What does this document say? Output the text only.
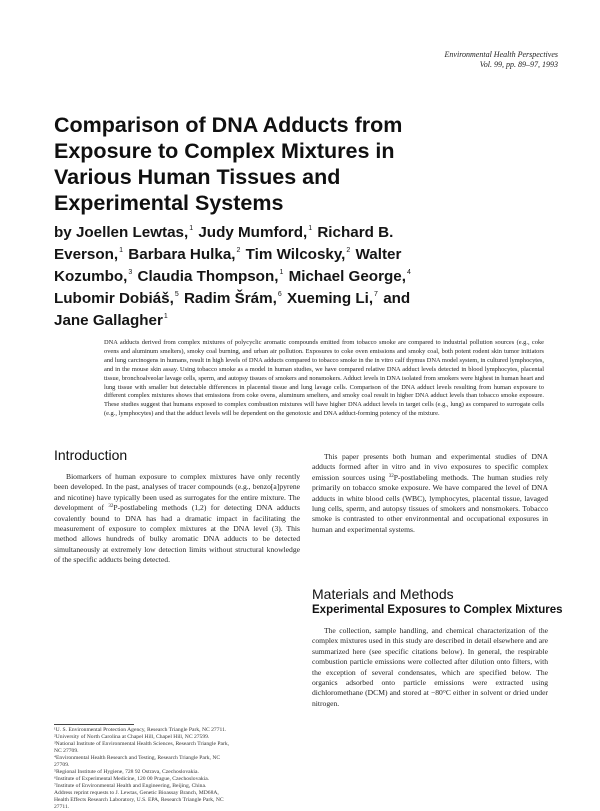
Environmental Health Perspectives
Vol. 99, pp. 89–97, 1993
Comparison of DNA Adducts from
Exposure to Complex Mixtures in
Various Human Tissues and
Experimental Systems
by Joellen Lewtas,$^1$ Judy Mumford,$^1$ Richard B.
Everson,$^1$ Barbara Hulka,$^2$ Tim Wilcosky,$^2$ Walter
Kozumbo,$^3$ Claudia Thompson,$^1$ Michael George,$^4$
Lubomir Dobiáš,$^5$ Radim Šrám,$^6$ Xueming Li,$^7$ and
Jane Gallagher$^1$
DNA adducts derived from complex mixtures of polycyclic aromatic compounds emitted from tobacco smoke are compared to industrial pollution sources (e.g., coke ovens and aluminum smelters), smoky coal burning, and urban air pollution. Exposures to coke oven emissions and smoky coal, both potent rodent skin tumor initiators and lung carcinogens in humans, result in high levels of DNA adducts compared to tobacco smoke in the in vitro calf thymus DNA model system, in cultured lymphocytes, and in the mouse skin assay. Using tobacco smoke as a model in human studies, we have compared relative DNA adduct levels detected in blood lymphocytes, placental tissue, bronchoalveolar lavage cells, sperm, and autopsy tissues of smokers and nonsmokers. Adduct levels in DNA isolated from smokers were highest in human heart and lung tissue with smaller but detectable differences in placental tissue and lung lavage cells. Comparison of the DNA adduct levels resulting from human exposure to different complex mixtures shows that emissions from coke ovens, aluminum smelters, and smoky coal result in higher DNA adduct levels than tobacco smoke exposure. These studies suggest that humans exposed to complex combustion mixtures will have higher DNA adduct levels in target cells (e.g., lung) as compared to surrogate cells (e.g., lymphocytes) and that the adduct levels will be dependent on the genotoxic and DNA adduct-forming potency of the mixture.
Introduction

Biomarkers of human exposure to complex mixtures have only recently been developed. In the past, analyses of tracer compounds (e.g., benzo[a]pyrene and nicotine) have typically been used as surrogates for the entire mixture. The development of $^{32}$P-postlabeling methods (1,2) for detecting DNA adducts covalently bound to DNA has had a dramatic impact in facilitating the measurement of exposure to complex mixtures at the DNA level (3). This method allows hundreds of bulky aromatic DNA adducts to be detected simultaneously at extremely low detection limits without structural knowledge of the specific adducts being detected.

This paper presents both human and experimental studies of DNA adducts formed after in vitro and in vivo exposures to specific complex emission sources using $^{32}$P-postlabeling methods. The human studies rely primarily on tobacco smoke exposure. We have compared the level of DNA adducts in white blood cells (WBC), lymphocytes, placental tissue, lavaged lung cells, sperm, and autopsy tissues of smokers and nonsmokers. Tobacco smoke is contrasted to other environmental and occupational exposures in human and experimental systems.

Materials and Methods
Experimental Exposures to Complex Mixtures

The collection, sample handling, and chemical characterization of the complex mixtures used in this study are described in detail elsewhere and are summarized here (see specific citations below). In general, the respirable combustion particle emissions were collected after dilution onto filters, with the exception of several condensates, which are specified below. The organics adsorbed onto particle emissions were extracted using dichloromethane (DCM) and stored at −80°C either in solvent or dried under nitrogen.

¹U. S. Environmental Protection Agency, Research Triangle Park, NC 27711.
²University of North Carolina at Chapel Hill, Chapel Hill, NC 27599.
³National Institute of Environmental Health Sciences, Research Triangle Park,
NC 27709.
⁴Environmental Health Research and Testing, Research Triangle Park, NC
27709.
⁵Regional Institute of Hygiene, 728 92 Ostrava, Czechoslovakia.
⁶Institute of Experimental Medicine, 120 00 Prague, Czechoslovakia.
⁷Institute of Environmental Health and Engineering, Beijing, China.
Address reprint requests to J. Lewtas, Genetic Bioassay Branch, MD68A,
Health Effects Research Laboratory, U.S. EPA, Research Triangle Park, NC
27711.
